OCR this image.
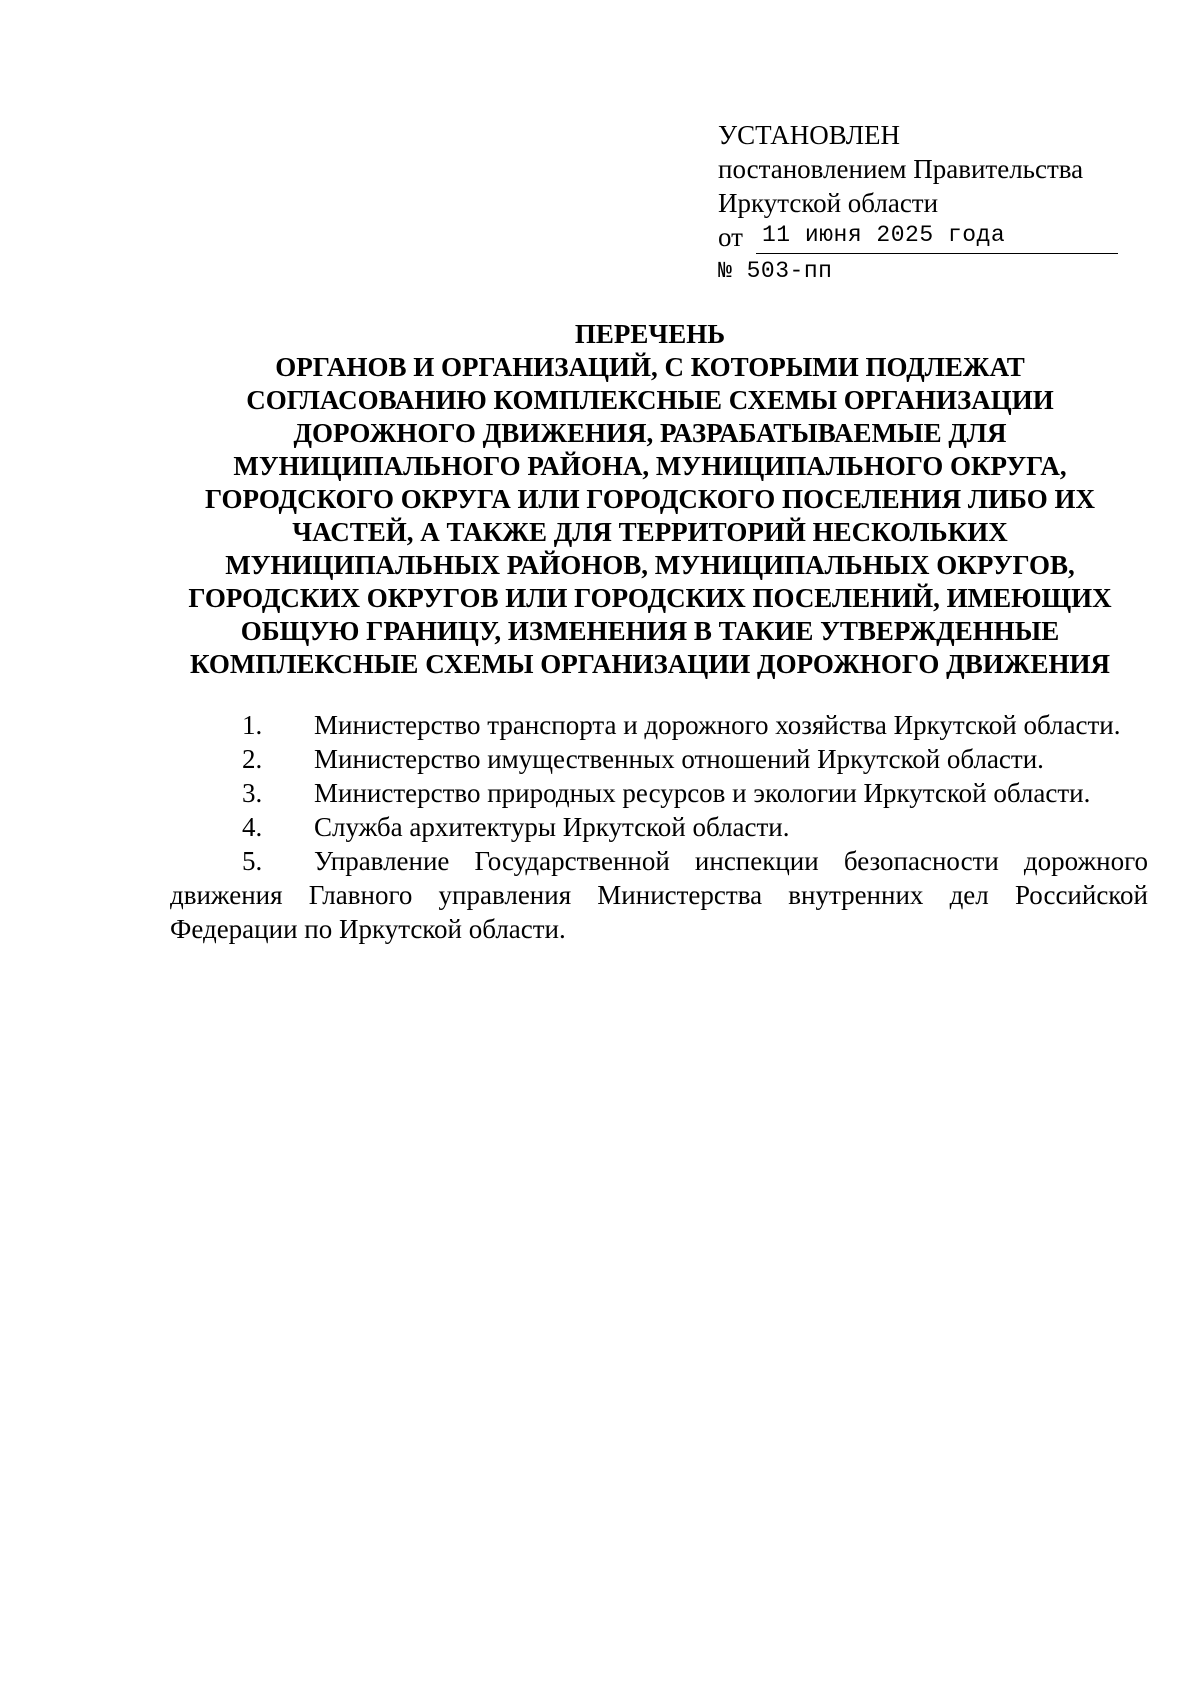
УСТАНОВЛЕН
постановлением Правительства
Иркутской области
от 11 июня 2025 года
№ 503-пп
ПЕРЕЧЕНЬ
ОРГАНОВ И ОРГАНИЗАЦИЙ, С КОТОРЫМИ ПОДЛЕЖАТ
СОГЛАСОВАНИЮ КОМПЛЕКСНЫЕ СХЕМЫ ОРГАНИЗАЦИИ
ДОРОЖНОГО ДВИЖЕНИЯ, РАЗРАБАТЫВАЕМЫЕ ДЛЯ
МУНИЦИПАЛЬНОГО РАЙОНА, МУНИЦИПАЛЬНОГО ОКРУГА,
ГОРОДСКОГО ОКРУГА ИЛИ ГОРОДСКОГО ПОСЕЛЕНИЯ ЛИБО ИХ
ЧАСТЕЙ, А ТАКЖЕ ДЛЯ ТЕРРИТОРИЙ НЕСКОЛЬКИХ
МУНИЦИПАЛЬНЫХ РАЙОНОВ, МУНИЦИПАЛЬНЫХ ОКРУГОВ,
ГОРОДСКИХ ОКРУГОВ ИЛИ ГОРОДСКИХ ПОСЕЛЕНИЙ, ИМЕЮЩИХ
ОБЩУЮ ГРАНИЦУ, ИЗМЕНЕНИЯ В ТАКИЕ УТВЕРЖДЕННЫЕ
КОМПЛЕКСНЫЕ СХЕМЫ ОРГАНИЗАЦИИ ДОРОЖНОГО ДВИЖЕНИЯ

1. Министерство транспорта и дорожного хозяйства Иркутской области.

2. Министерство имущественных отношений Иркутской области.

3. Министерство природных ресурсов и экологии Иркутской области.

4. Служба архитектуры Иркутской области.

5. Управление Государственной инспекции безопасности дорожного движения Главного управления Министерства внутренних дел Российской Федерации по Иркутской области.
